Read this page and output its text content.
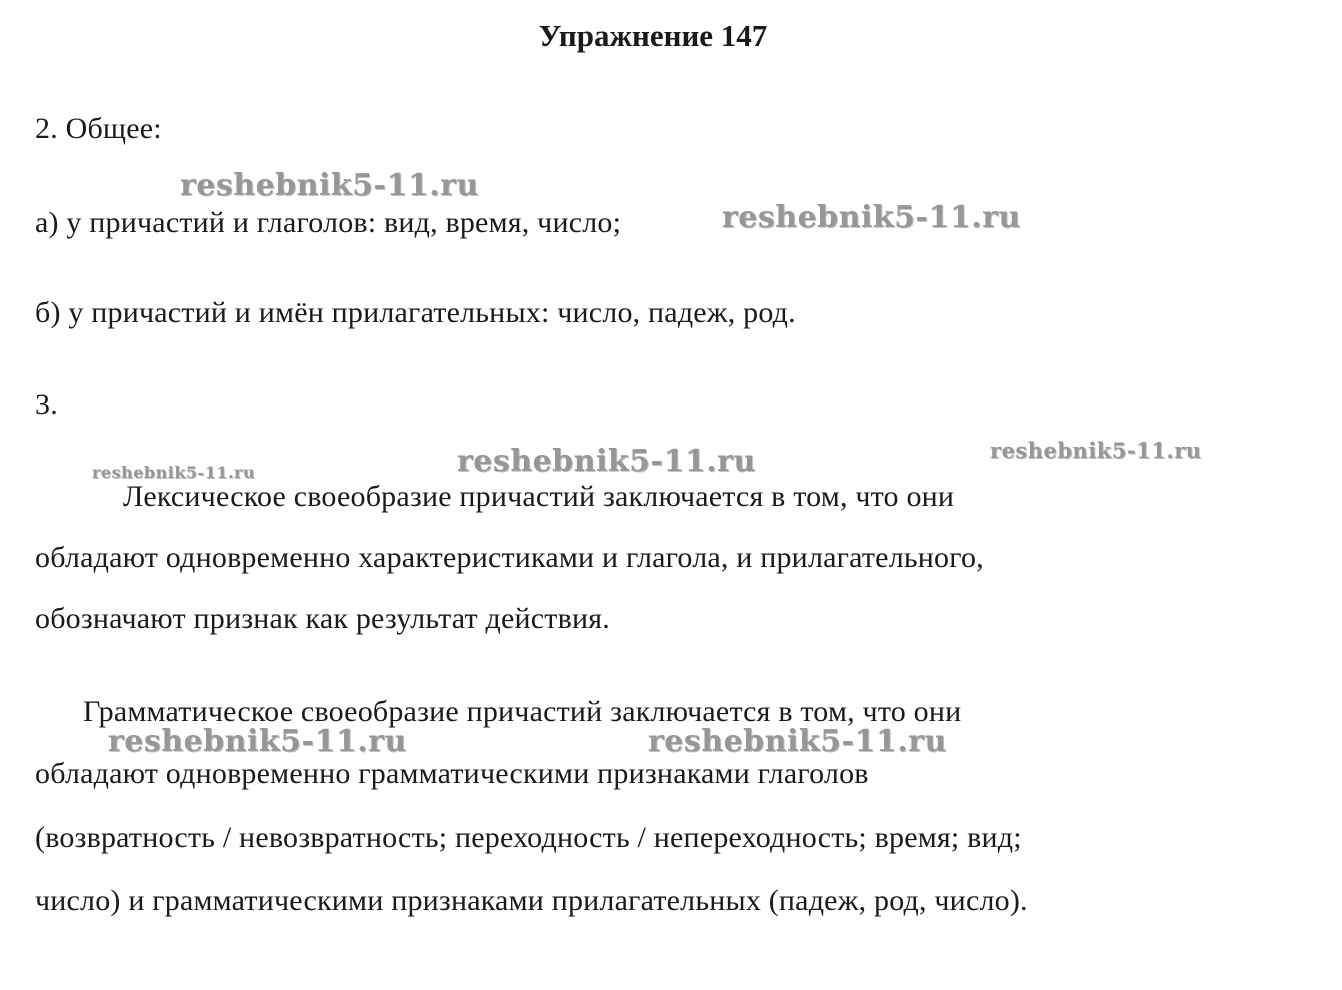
Упражнение 147
2. Общее:
а) у причастий и глаголов: вид, время, число;
б) у причастий и имён прилагательных: число, падеж, род.
3.
Лексическое своеобразие причастий заключается в том, что они
обладают одновременно характеристиками и глагола, и прилагательного,
обозначают признак как результат действия.
Грамматическое своеобразие причастий заключается в том, что они
обладают одновременно грамматическими признаками глаголов
(возвратность / невозвратность; переходность / непереходность; время; вид;
число) и грамматическими признаками прилагательных (падеж, род, число).
reshebnik5-11.ru
reshebnik5-11.ru
reshebnik5-11.ru	reshebnik5-11.ru	reshebnik5-11.ru
reshebnik5-11.ru	reshebnik5-11.ru
